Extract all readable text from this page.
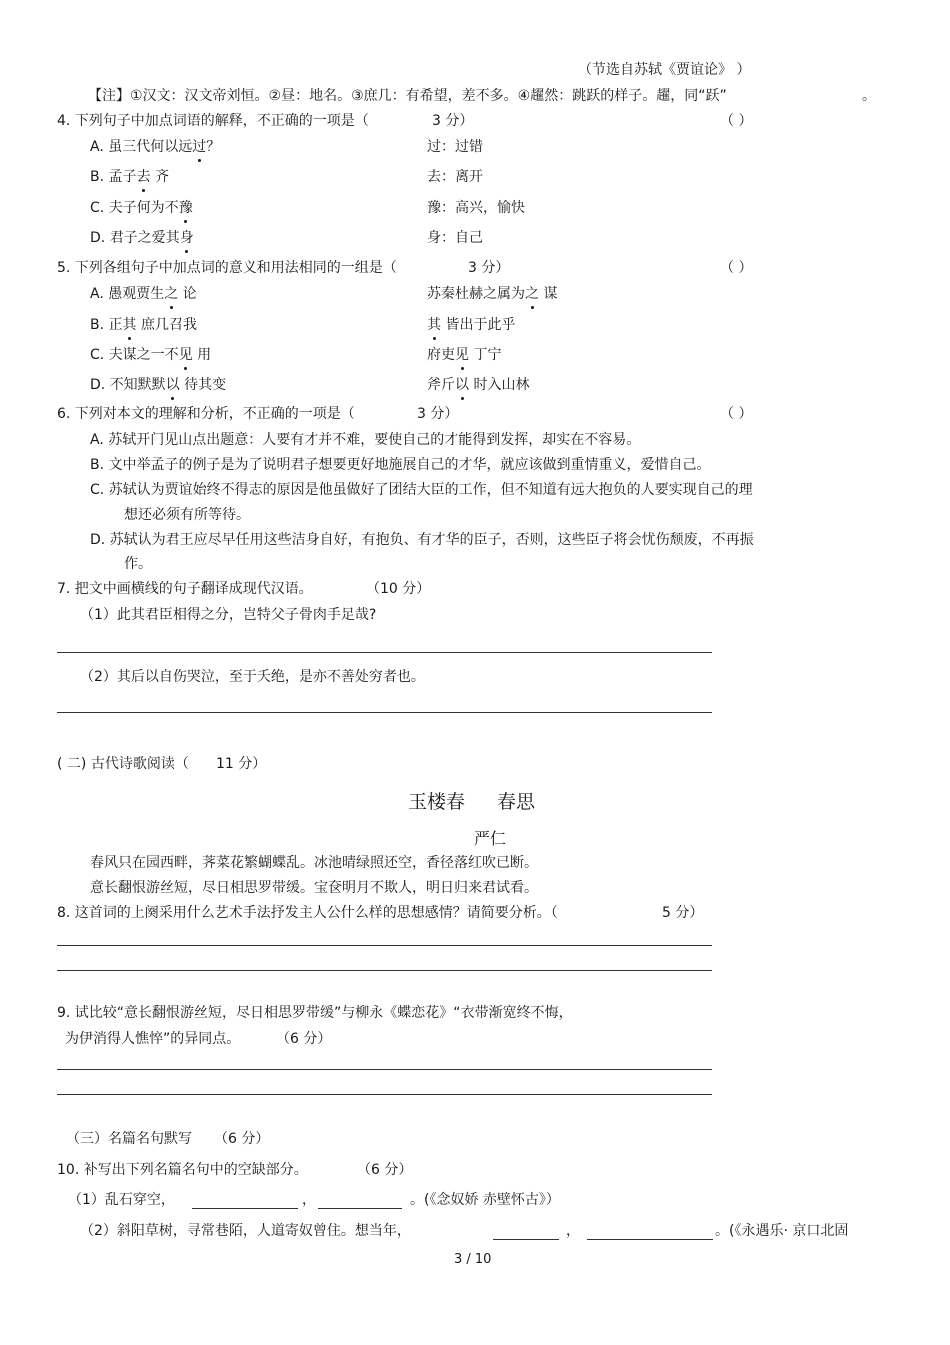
（节选自苏轼《贾谊论》 ）
【注】①汉文：汉文帝刘恒。②昼：地名。③庶几：有希望，差不多。④趯然：跳跃的样子。趯，同“跃”	。
4. 下列句子中加点词语的解释，不正确的一项是（	3 分）	（ ）
A. 虽三代何以远过？	过：过错
B. 孟子去 齐	去：离开
C. 夫子何为不豫	豫：高兴，愉快
D. 君子之爱其身	身：自己
5. 下列各组句子中加点词的意义和用法相同的一组是（	3 分）	（ ）
A. 愚观贾生之 论	苏秦杜赫之属为之 谋
B. 正其 庶几召我	其 皆出于此乎
C. 夫谋之一不见 用	府吏见 丁宁
D. 不知默默以 待其变	斧斤以 时入山林
6. 下列对本文的理解和分析，不正确的一项是（	3 分）	（ ）
A. 苏轼开门见山点出题意：人要有才并不难，要使自己的才能得到发挥，却实在不容易。
B. 文中举孟子的例子是为了说明君子想要更好地施展自己的才华，就应该做到重情重义，爱惜自己。
C. 苏轼认为贾谊始终不得志的原因是他虽做好了团结大臣的工作，但不知道有远大抱负的人要实现自己的理
想还必须有所等待。
D. 苏轼认为君王应尽早任用这些洁身自好，有抱负、有才华的臣子，否则，这些臣子将会忧伤颓废，不再振
作。
7. 把文中画横线的句子翻译成现代汉语。	（10 分）
（1）此其君臣相得之分，岂特父子骨肉手足哉?
（2）其后以自伤哭泣，至于夭绝，是亦不善处穷者也。
( 二) 古代诗歌阅读（ 11 分）
玉楼春 春思
严仁
春风只在园西畔，荠菜花繁蝴蝶乱。冰池晴绿照还空，香径落红吹已断。
意长翻恨游丝短，尽日相思罗带缓。宝奁明月不欺人，明日归来君试看。
8. 这首词的上阕采用什么艺术手法抒发主人公什么样的思想感情？请简要分析。（	5 分）
9. 试比较“意长翻恨游丝短，尽日相思罗带缓”与柳永《蝶恋花》“衣带渐宽终不悔，
为伊消得人憔悴”的异同点。	（6 分）
（三）名篇名句默写 （6 分）
10. 补写出下列名篇名句中的空缺部分。	（6 分）
（1）乱石穿空，	，	。(《念奴娇 赤壁怀古》）
（2）斜阳草树，寻常巷陌，人道寄奴曾住。想当年，	，	。(《永遇乐· 京口北固
3 / 10
